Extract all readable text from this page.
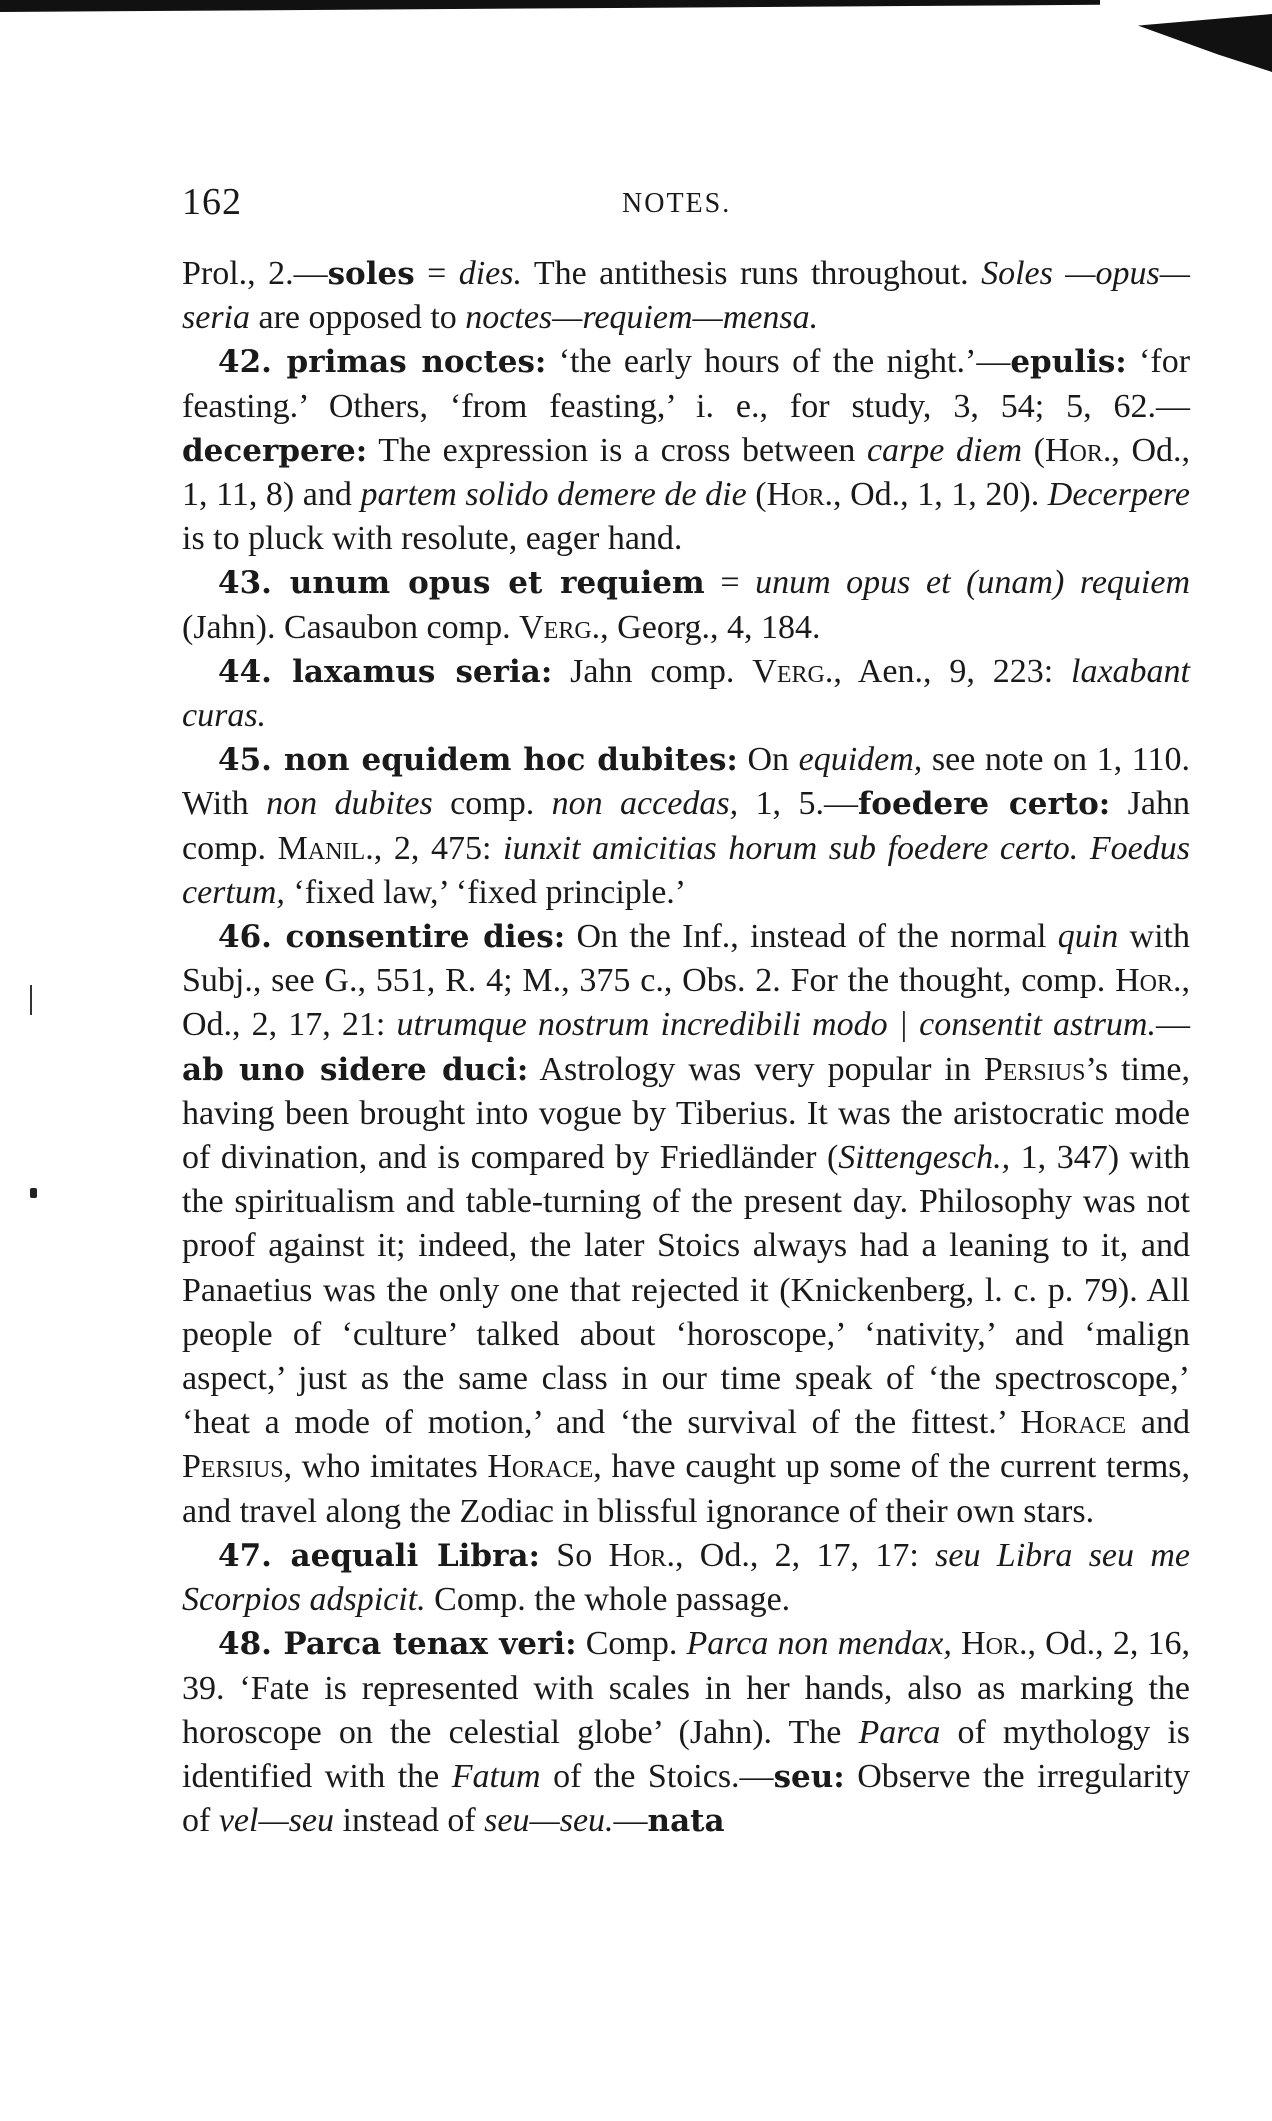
162	NOTES.

Prol., 2.—soles = dies. The antithesis runs throughout. Soles —opus—seria are opposed to noctes—requiem—mensa.

42. primas noctes: ‘the early hours of the night.’—epulis: ‘for feasting.’ Others, ‘from feasting,’ i. e., for study, 3, 54; 5, 62.—decerpere: The expression is a cross between carpe diem (Hor., Od., 1, 11, 8) and partem solido demere de die (Hor., Od., 1, 1, 20). Decerpere is to pluck with resolute, eager hand.

43. unum opus et requiem = unum opus et (unam) requiem (Jahn). Casaubon comp. Verg., Georg., 4, 184.

44. laxamus seria: Jahn comp. Verg., Aen., 9, 223: laxabant curas.

45. non equidem hoc dubites: On equidem, see note on 1, 110. With non dubites comp. non accedas, 1, 5.—foedere certo: Jahn comp. Manil., 2, 475: iunxit amicitias horum sub foedere certo. Foedus certum, ‘fixed law,’ ‘fixed principle.’

46. consentire dies: On the Inf., instead of the normal quin with Subj., see G., 551, R. 4; M., 375 c., Obs. 2. For the thought, comp. Hor., Od., 2, 17, 21: utrumque nostrum incredibili modo | consentit astrum.—ab uno sidere duci: Astrology was very popular in Persius’s time, having been brought into vogue by Tiberius. It was the aristocratic mode of divination, and is compared by Friedländer (Sittengesch., 1, 347) with the spiritualism and table-turning of the present day. Philosophy was not proof against it; indeed, the later Stoics always had a leaning to it, and Panaetius was the only one that rejected it (Knickenberg, l. c. p. 79). All people of ‘culture’ talked about ‘horoscope,’ ‘nativity,’ and ‘malign aspect,’ just as the same class in our time speak of ‘the spectroscope,’ ‘heat a mode of motion,’ and ‘the survival of the fittest.’ Horace and Persius, who imitates Horace, have caught up some of the current terms, and travel along the Zodiac in blissful ignorance of their own stars.

47. aequali Libra: So Hor., Od., 2, 17, 17: seu Libra seu me Scorpios adspicit. Comp. the whole passage.

48. Parca tenax veri: Comp. Parca non mendax, Hor., Od., 2, 16, 39. ‘Fate is represented with scales in her hands, also as marking the horoscope on the celestial globe’ (Jahn). The Parca of mythology is identified with the Fatum of the Stoics.—seu: Observe the irregularity of vel—seu instead of seu—seu.—nata
